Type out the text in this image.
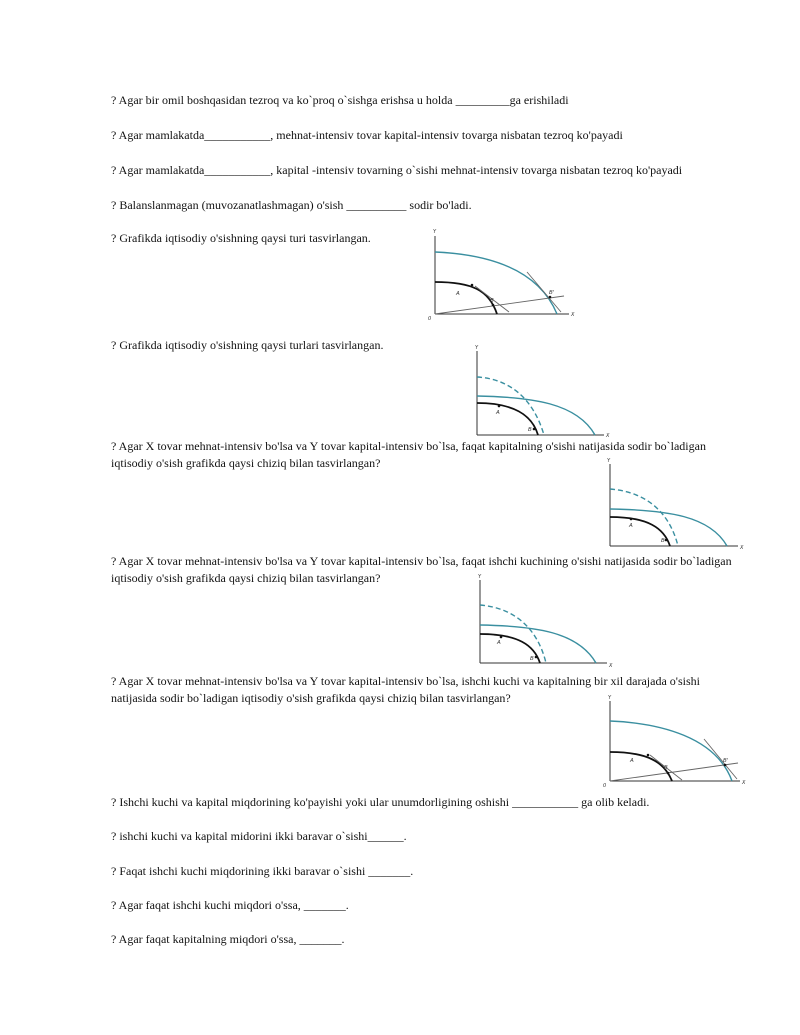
? Agar bir omil boshqasidan tezroq va ko`proq o`sishga erishsa u holda _________ga erishiladi

? Agar mamlakatda___________, mehnat-intensiv tovar kapital-intensiv tovarga nisbatan tezroq ko'payadi

? Agar mamlakatda___________, kapital -intensiv tovarning o`sishi mehnat-intensiv tovarga nisbatan tezroq ko'payadi

? Balanslanmagan (muvozanatlashmagan) o'sish __________ sodir bo'ladi.

? Grafikda iqtisodiy o'sishning qaysi turi tasvirlangan.

? Grafikda iqtisodiy o'sishning qaysi turlari tasvirlangan.

? Agar X tovar mehnat-intensiv bo'lsa va Y tovar kapital-intensiv bo`lsa, faqat kapitalning o'sishi natijasida sodir bo`ladigan iqtisodiy o'sish grafikda qaysi chiziq bilan tasvirlangan?

? Agar X tovar mehnat-intensiv bo'lsa va Y tovar kapital-intensiv bo`lsa, faqat ishchi kuchining o'sishi natijasida sodir bo`ladigan iqtisodiy o'sish grafikda qaysi chiziq bilan tasvirlangan?

? Agar X tovar mehnat-intensiv bo'lsa va Y tovar kapital-intensiv bo`lsa, ishchi kuchi va kapitalning bir xil darajada o'sishi natijasida sodir bo`ladigan iqtisodiy o'sish grafikda qaysi chiziq bilan tasvirlangan?

? Ishchi kuchi va kapital miqdorining ko'payishi yoki ular unumdorligining oshishi ___________ ga olib keladi.

? ishchi kuchi va kapital midorini ikki baravar o`sishi______.

? Faqat ishchi kuchi miqdorining ikki baravar o`sishi _______.

? Agar faqat ishchi kuchi miqdori o'ssa, _______.

? Agar faqat kapitalning miqdori o'ssa, _______.

Y
X
0
A
B
B'
Y
X
A
B
Y
X
A
B
Y
X
A
B
Y
X
0
A
B
B'
